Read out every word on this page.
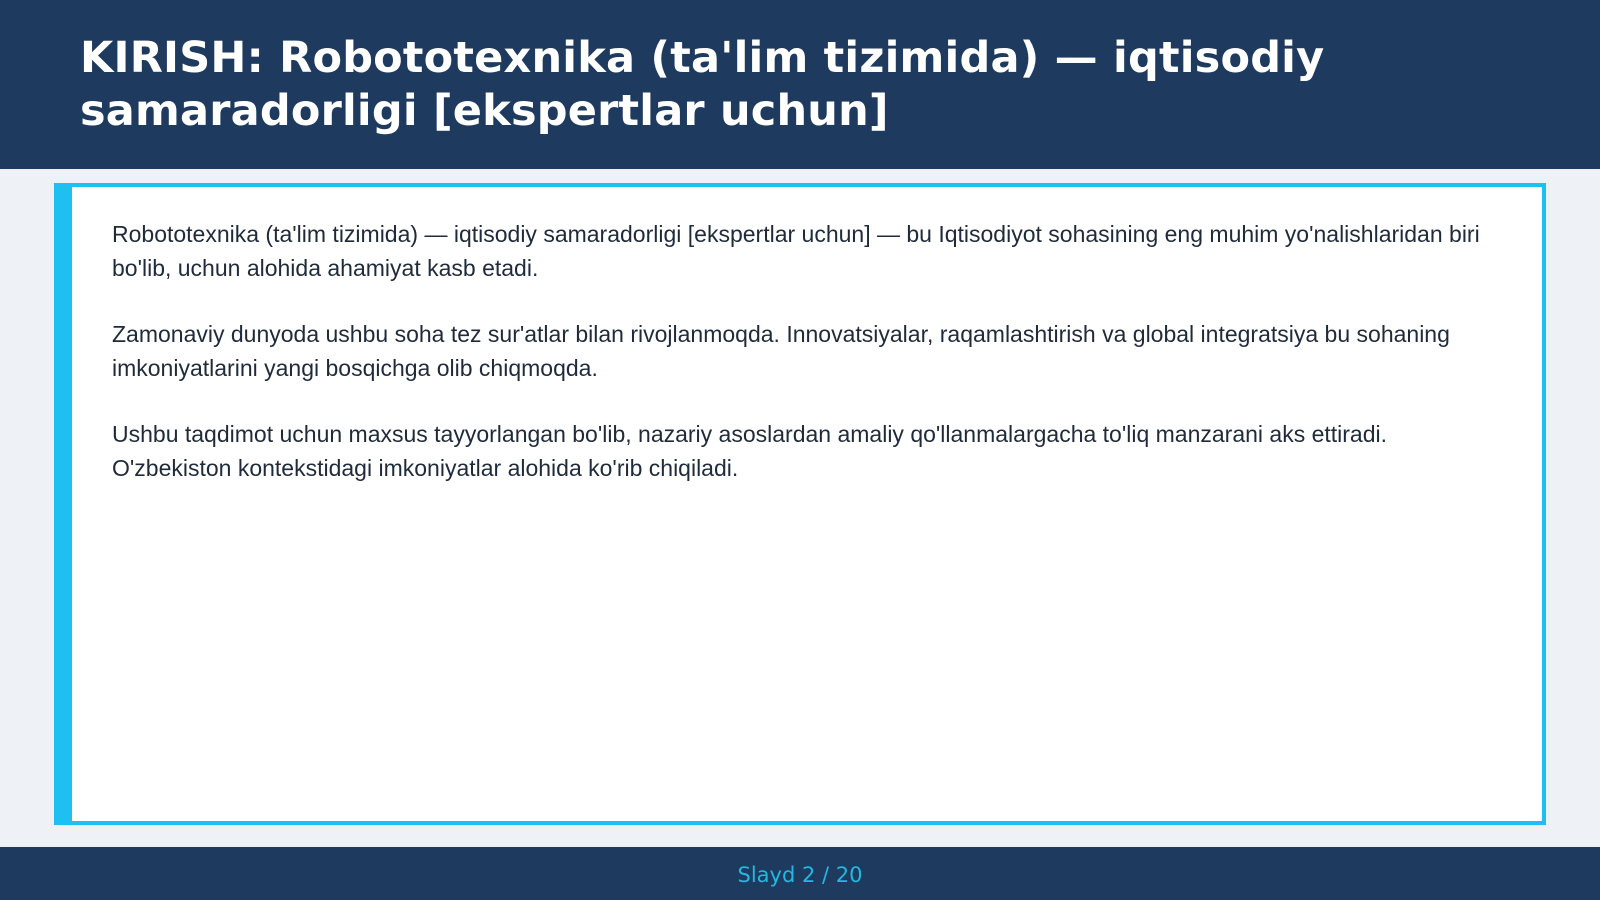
KIRISH: Robototexnika (ta'lim tizimida) — iqtisodiy samaradorligi [ekspertlar uchun]

Robototexnika (ta'lim tizimida) — iqtisodiy samaradorligi [ekspertlar uchun] — bu Iqtisodiyot sohasining eng muhim yo'nalishlaridan biri bo'lib, uchun alohida ahamiyat kasb etadi.

Zamonaviy dunyoda ushbu soha tez sur'atlar bilan rivojlanmoqda. Innovatsiyalar, raqamlashtirish va global integratsiya bu sohaning imkoniyatlarini yangi bosqichga olib chiqmoqda.

Ushbu taqdimot uchun maxsus tayyorlangan bo'lib, nazariy asoslardan amaliy qo'llanmalargacha to'liq manzarani aks ettiradi. O'zbekiston kontekstidagi imkoniyatlar alohida ko'rib chiqiladi.

Slayd 2 / 20
